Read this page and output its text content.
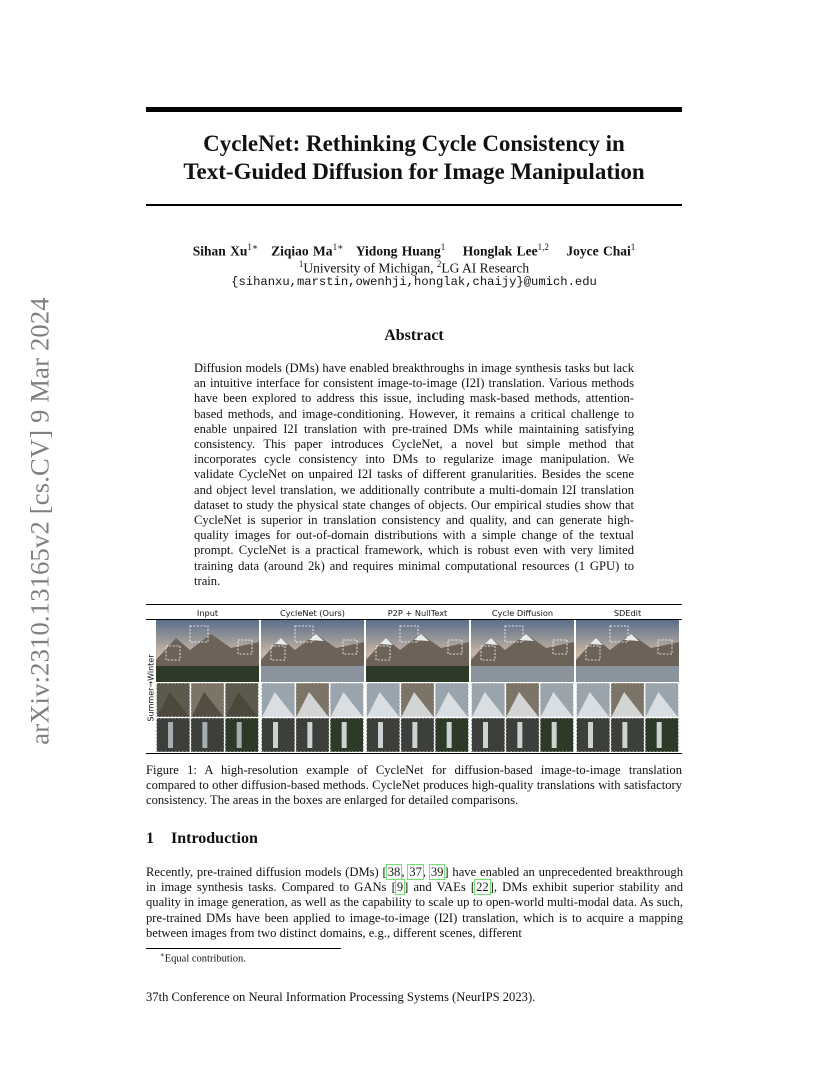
arXiv:2310.13165v2 [cs.CV] 9 Mar 2024
CycleNet: Rethinking Cycle Consistency in
Text-Guided Diffusion for Image Manipulation
Sihan $Xu^{1∗}$ Ziqiao $Ma^{1∗}$ Yidong Huang$^1$ Honglak Lee$^{1,2}$ Joyce Chai$^1$
$^1$University of Michigan, $^2$LG AI Research
{sihanxu,marstin,owenhji,honglak,chaijy}@umich.edu
Abstract
Diffusion models (DMs) have enabled breakthroughs in image synthesis tasks but lack an intuitive interface for consistent image-to-image (I2I) translation. Various methods have been explored to address this issue, including mask-based methods, attention-based methods, and image-conditioning. However, it remains a critical challenge to enable unpaired I2I translation with pre-trained DMs while maintaining satisfying consistency. This paper introduces CycleNet, a novel but simple method that incorporates cycle consistency into DMs to regularize image manipulation. We validate CycleNet on unpaired I2I tasks of different granularities. Besides the scene and object level translation, we additionally contribute a multi-domain I2I translation dataset to study the physical state changes of objects. Our empirical studies show that CycleNet is superior in translation consistency and quality, and can generate high-quality images for out-of-domain distributions with a simple change of the textual prompt. CycleNet is a practical framework, which is robust even with very limited training data (around 2k) and requires minimal computational resources (1 GPU) to train.
Input	CycleNet (Ours)	P2P + NullText	Cycle Diffusion	SDEdit
Summer→Winter
Figure 1: A high-resolution example of CycleNet for diffusion-based image-to-image translation compared to other diffusion-based methods. CycleNet produces high-quality translations with satisfactory consistency. The areas in the boxes are enlarged for detailed comparisons.
1 Introduction
Recently, pre-trained diffusion models (DMs) [38, 37, 39] have enabled an unprecedented breakthrough in image synthesis tasks. Compared to GANs [9] and VAEs [22], DMs exhibit superior stability and quality in image generation, as well as the capability to scale up to open-world multi-modal data. As such, pre-trained DMs have been applied to image-to-image (I2I) translation, which is to acquire a mapping between images from two distinct domains, e.g., different scenes, different
∗Equal contribution.
37th Conference on Neural Information Processing Systems (NeurIPS 2023).
